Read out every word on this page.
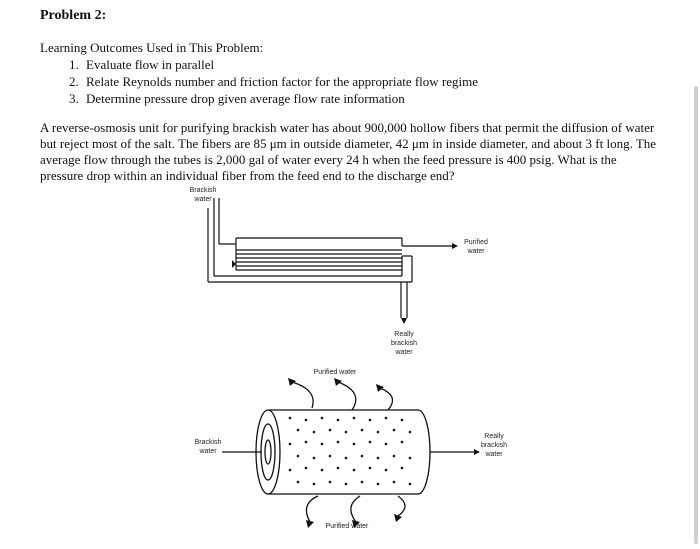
Problem 2:
Learning Outcomes Used in This Problem:
1. Evaluate flow in parallel
2. Relate Reynolds number and friction factor for the appropriate flow regime
3. Determine pressure drop given average flow rate information
A reverse-osmosis unit for purifying brackish water has about 900,000 hollow fibers that permit the diffusion of water but reject most of the salt. The fibers are 85 μm in outside diameter, 42 μm in inside diameter, and about 3 ft long. The average flow through the tubes is 2,000 gal of water every 24 h when the feed pressure is 400 psig. What is the pressure drop within an individual fiber from the feed end to the discharge end?
Brackish
water
Purified
water
Really
brackish
water
Purified water
Purified water
Brackish
water
Really
brackish
water
